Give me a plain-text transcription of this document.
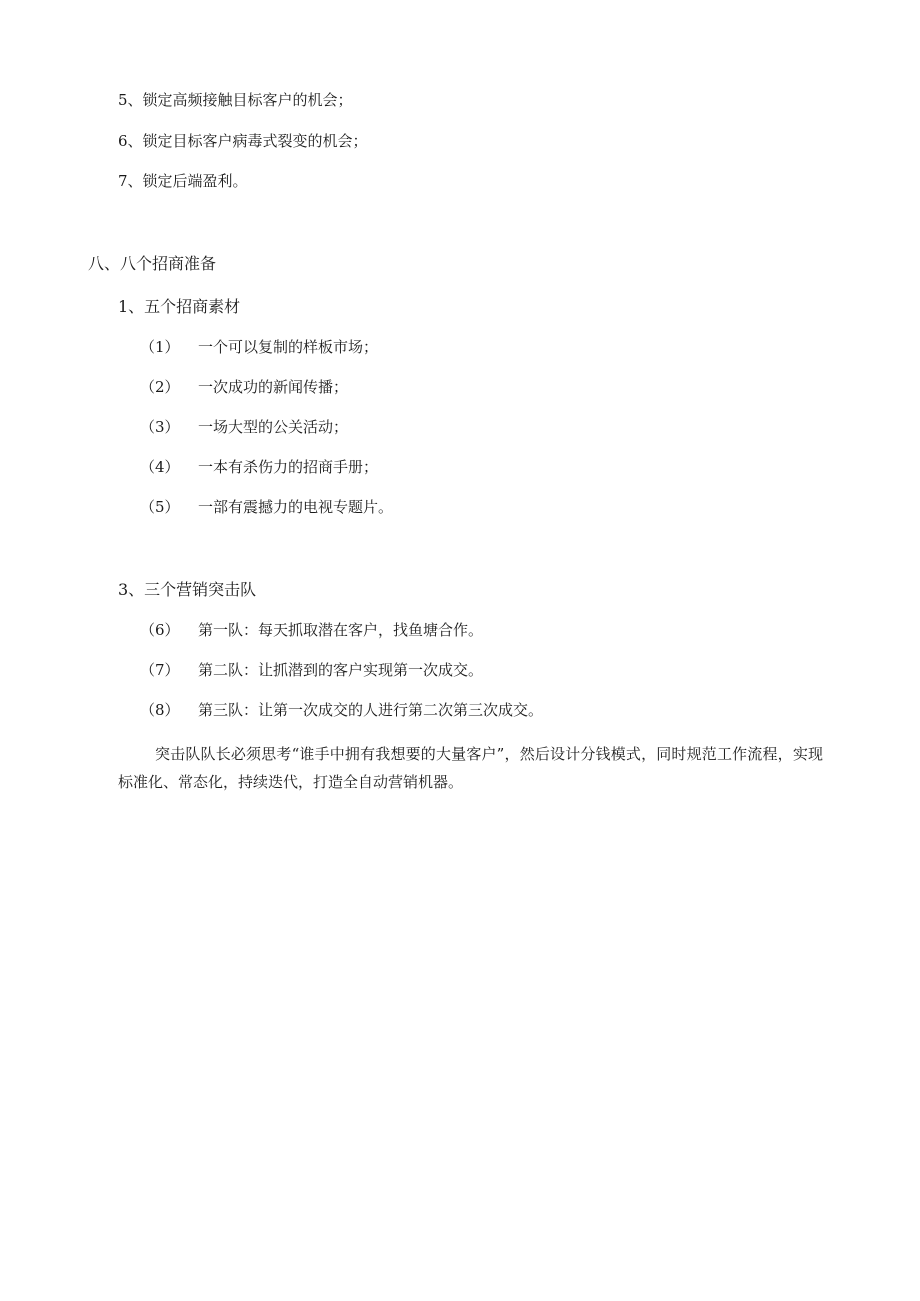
5、锁定高频接触目标客户的机会；
6、锁定目标客户病毒式裂变的机会；
7、锁定后端盈利。
八、八个招商准备
1、五个招商素材
（1） 一个可以复制的样板市场；
（2） 一次成功的新闻传播；
（3） 一场大型的公关活动；
（4） 一本有杀伤力的招商手册；
（5） 一部有震撼力的电视专题片。
3、三个营销突击队
（6） 第一队：每天抓取潜在客户，找鱼塘合作。
（7） 第二队：让抓潜到的客户实现第一次成交。
（8） 第三队：让第一次成交的人进行第二次第三次成交。
突击队队长必须思考“谁手中拥有我想要的大量客户”，然后设计分钱模式，同时规范工作流程，实现标准化、常态化，持续迭代，打造全自动营销机器。
